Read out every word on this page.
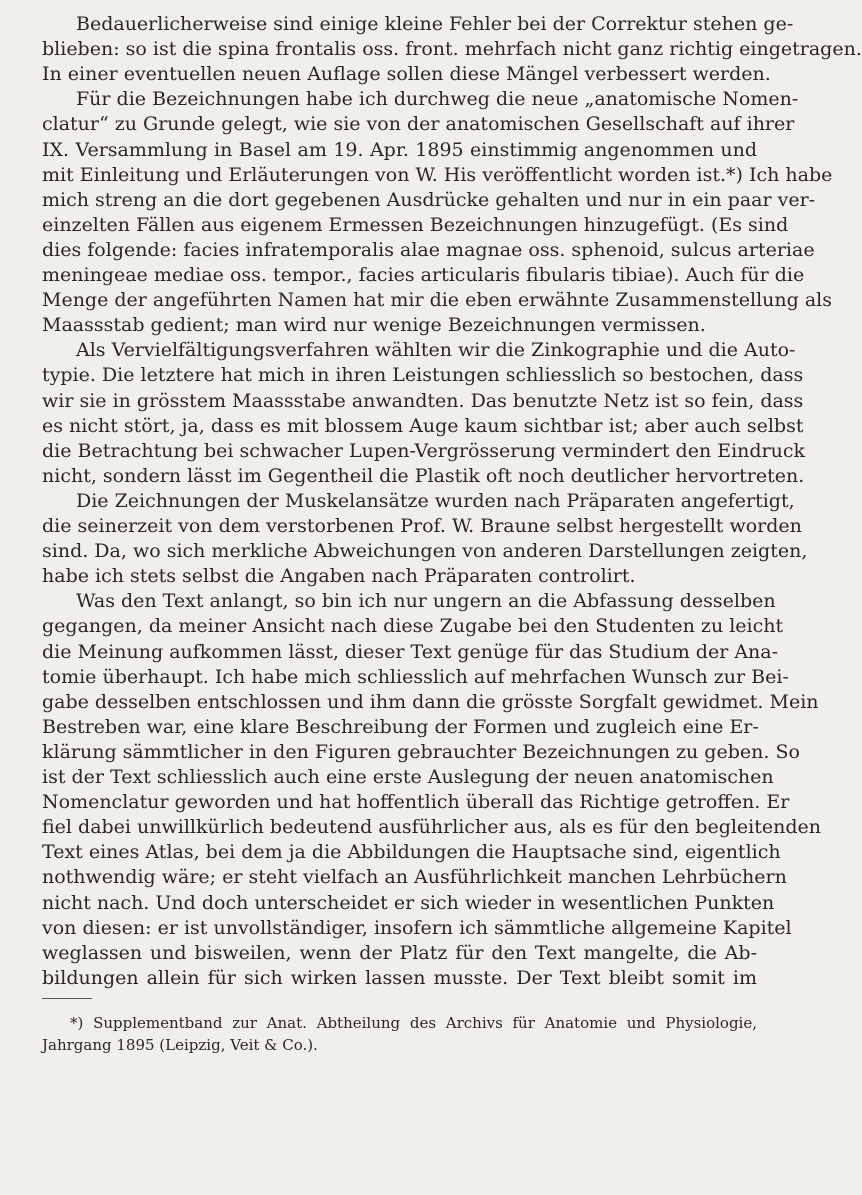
Bedauerlicherweise sind einige kleine Fehler bei der Correktur stehen ge-
blieben: so ist die spina frontalis oss. front. mehrfach nicht ganz richtig eingetragen.
In einer eventuellen neuen Auflage sollen diese Mängel verbessert werden.
Für die Bezeichnungen habe ich durchweg die neue „anatomische Nomen-
clatur“ zu Grunde gelegt, wie sie von der anatomischen Gesellschaft auf ihrer
IX. Versammlung in Basel am 19. Apr. 1895 einstimmig angenommen und
mit Einleitung und Erläuterungen von W. His veröffentlicht worden ist.*) Ich habe
mich streng an die dort gegebenen Ausdrücke gehalten und nur in ein paar ver-
einzelten Fällen aus eigenem Ermessen Bezeichnungen hinzugefügt. (Es sind
dies folgende: facies infratemporalis alae magnae oss. sphenoid, sulcus arteriae
meningeae mediae oss. tempor., facies articularis fibularis tibiae). Auch für die
Menge der angeführten Namen hat mir die eben erwähnte Zusammenstellung als
Maassstab gedient; man wird nur wenige Bezeichnungen vermissen.
Als Vervielfältigungsverfahren wählten wir die Zinkographie und die Auto-
typie. Die letztere hat mich in ihren Leistungen schliesslich so bestochen, dass
wir sie in grösstem Maassstabe anwandten. Das benutzte Netz ist so fein, dass
es nicht stört, ja, dass es mit blossem Auge kaum sichtbar ist; aber auch selbst
die Betrachtung bei schwacher Lupen-Vergrösserung vermindert den Eindruck
nicht, sondern lässt im Gegentheil die Plastik oft noch deutlicher hervortreten.
Die Zeichnungen der Muskelansätze wurden nach Präparaten angefertigt,
die seinerzeit von dem verstorbenen Prof. W. Braune selbst hergestellt worden
sind. Da, wo sich merkliche Abweichungen von anderen Darstellungen zeigten,
habe ich stets selbst die Angaben nach Präparaten controlirt.
Was den Text anlangt, so bin ich nur ungern an die Abfassung desselben
gegangen, da meiner Ansicht nach diese Zugabe bei den Studenten zu leicht
die Meinung aufkommen lässt, dieser Text genüge für das Studium der Ana-
tomie überhaupt. Ich habe mich schliesslich auf mehrfachen Wunsch zur Bei-
gabe desselben entschlossen und ihm dann die grösste Sorgfalt gewidmet. Mein
Bestreben war, eine klare Beschreibung der Formen und zugleich eine Er-
klärung sämmtlicher in den Figuren gebrauchter Bezeichnungen zu geben. So
ist der Text schliesslich auch eine erste Auslegung der neuen anatomischen
Nomenclatur geworden und hat hoffentlich überall das Richtige getroffen. Er
fiel dabei unwillkürlich bedeutend ausführlicher aus, als es für den begleitenden
Text eines Atlas, bei dem ja die Abbildungen die Hauptsache sind, eigentlich
nothwendig wäre; er steht vielfach an Ausführlichkeit manchen Lehrbüchern
nicht nach. Und doch unterscheidet er sich wieder in wesentlichen Punkten
von diesen: er ist unvollständiger, insofern ich sämmtliche allgemeine Kapitel
weglassen und bisweilen, wenn der Platz für den Text mangelte, die Ab-
bildungen allein für sich wirken lassen musste. Der Text bleibt somit im
*) Supplementband zur Anat. Abtheilung des Archivs für Anatomie und Physiologie,
Jahrgang 1895 (Leipzig, Veit & Co.).
